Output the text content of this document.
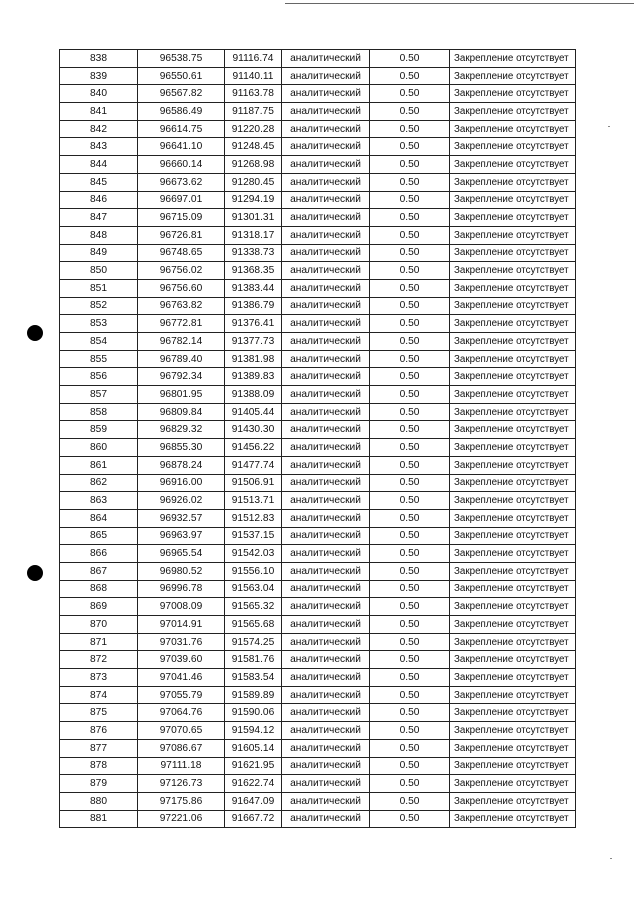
838	96538.75	91116.74	аналитический	0.50	Закрепление отсутствует
839	96550.61	91140.11	аналитический	0.50	Закрепление отсутствует
840	96567.82	91163.78	аналитический	0.50	Закрепление отсутствует
841	96586.49	91187.75	аналитический	0.50	Закрепление отсутствует
842	96614.75	91220.28	аналитический	0.50	Закрепление отсутствует
843	96641.10	91248.45	аналитический	0.50	Закрепление отсутствует
844	96660.14	91268.98	аналитический	0.50	Закрепление отсутствует
845	96673.62	91280.45	аналитический	0.50	Закрепление отсутствует
846	96697.01	91294.19	аналитический	0.50	Закрепление отсутствует
847	96715.09	91301.31	аналитический	0.50	Закрепление отсутствует
848	96726.81	91318.17	аналитический	0.50	Закрепление отсутствует
849	96748.65	91338.73	аналитический	0.50	Закрепление отсутствует
850	96756.02	91368.35	аналитический	0.50	Закрепление отсутствует
851	96756.60	91383.44	аналитический	0.50	Закрепление отсутствует
852	96763.82	91386.79	аналитический	0.50	Закрепление отсутствует
853	96772.81	91376.41	аналитический	0.50	Закрепление отсутствует
854	96782.14	91377.73	аналитический	0.50	Закрепление отсутствует
855	96789.40	91381.98	аналитический	0.50	Закрепление отсутствует
856	96792.34	91389.83	аналитический	0.50	Закрепление отсутствует
857	96801.95	91388.09	аналитический	0.50	Закрепление отсутствует
858	96809.84	91405.44	аналитический	0.50	Закрепление отсутствует
859	96829.32	91430.30	аналитический	0.50	Закрепление отсутствует
860	96855.30	91456.22	аналитический	0.50	Закрепление отсутствует
861	96878.24	91477.74	аналитический	0.50	Закрепление отсутствует
862	96916.00	91506.91	аналитический	0.50	Закрепление отсутствует
863	96926.02	91513.71	аналитический	0.50	Закрепление отсутствует
864	96932.57	91512.83	аналитический	0.50	Закрепление отсутствует
865	96963.97	91537.15	аналитический	0.50	Закрепление отсутствует
866	96965.54	91542.03	аналитический	0.50	Закрепление отсутствует
867	96980.52	91556.10	аналитический	0.50	Закрепление отсутствует
868	96996.78	91563.04	аналитический	0.50	Закрепление отсутствует
869	97008.09	91565.32	аналитический	0.50	Закрепление отсутствует
870	97014.91	91565.68	аналитический	0.50	Закрепление отсутствует
871	97031.76	91574.25	аналитический	0.50	Закрепление отсутствует
872	97039.60	91581.76	аналитический	0.50	Закрепление отсутствует
873	97041.46	91583.54	аналитический	0.50	Закрепление отсутствует
874	97055.79	91589.89	аналитический	0.50	Закрепление отсутствует
875	97064.76	91590.06	аналитический	0.50	Закрепление отсутствует
876	97070.65	91594.12	аналитический	0.50	Закрепление отсутствует
877	97086.67	91605.14	аналитический	0.50	Закрепление отсутствует
878	97111.18	91621.95	аналитический	0.50	Закрепление отсутствует
879	97126.73	91622.74	аналитический	0.50	Закрепление отсутствует
880	97175.86	91647.09	аналитический	0.50	Закрепление отсутствует
881	97221.06	91667.72	аналитический	0.50	Закрепление отсутствует
